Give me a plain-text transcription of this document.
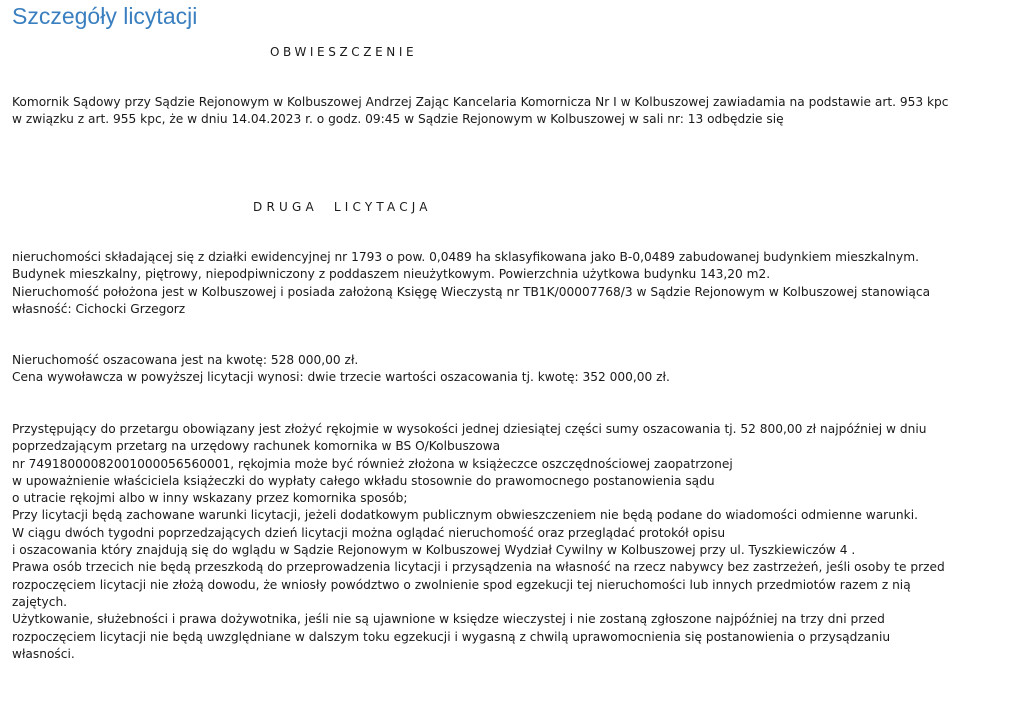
Szczegóły licytacji
OBWIESZCZENIE
Komornik Sądowy przy Sądzie Rejonowym w Kolbuszowej Andrzej Zając Kancelaria Komornicza Nr I w Kolbuszowej zawiadamia na podstawie art. 953 kpc
w związku z art. 955 kpc, że w dniu 14.04.2023 r. o godz. 09:45 w Sądzie Rejonowym w Kolbuszowej w sali nr: 13 odbędzie się
DRUGA LICYTACJA
nieruchomości składającej się z działki ewidencyjnej nr 1793 o pow. 0,0489 ha sklasyfikowana jako B-0,0489 zabudowanej budynkiem mieszkalnym.
Budynek mieszkalny, piętrowy, niepodpiwniczony z poddaszem nieużytkowym. Powierzchnia użytkowa budynku 143,20 m2.
Nieruchomość położona jest w Kolbuszowej i posiada założoną Księgę Wieczystą nr TB1K/00007768/3 w Sądzie Rejonowym w Kolbuszowej stanowiąca
własność: Cichocki Grzegorz
Nieruchomość oszacowana jest na kwotę: 528 000,00 zł.
Cena wywoławcza w powyższej licytacji wynosi: dwie trzecie wartości oszacowania tj. kwotę: 352 000,00 zł.
Przystępujący do przetargu obowiązany jest złożyć rękojmie w wysokości jednej dziesiątej części sumy oszacowania tj. 52 800,00 zł najpóźniej w dniu
poprzedzającym przetarg na urzędowy rachunek komornika w BS O/Kolbuszowa
nr 74918000082001000056560001, rękojmia może być również złożona w książeczce oszczędnościowej zaopatrzonej
w upoważnienie właściciela książeczki do wypłaty całego wkładu stosownie do prawomocnego postanowienia sądu
o utracie rękojmi albo w inny wskazany przez komornika sposób;
Przy licytacji będą zachowane warunki licytacji, jeżeli dodatkowym publicznym obwieszczeniem nie będą podane do wiadomości odmienne warunki.
W ciągu dwóch tygodni poprzedzających dzień licytacji można oglądać nieruchomość oraz przeglądać protokół opisu
i oszacowania który znajdują się do wglądu w Sądzie Rejonowym w Kolbuszowej Wydział Cywilny w Kolbuszowej przy ul. Tyszkiewiczów 4 .
Prawa osób trzecich nie będą przeszkodą do przeprowadzenia licytacji i przysądzenia na własność na rzecz nabywcy bez zastrzeżeń, jeśli osoby te przed
rozpoczęciem licytacji nie złożą dowodu, że wniosły powództwo o zwolnienie spod egzekucji tej nieruchomości lub innych przedmiotów razem z nią
zajętych.
Użytkowanie, służebności i prawa dożywotnika, jeśli nie są ujawnione w księdze wieczystej i nie zostaną zgłoszone najpóźniej na trzy dni przed
rozpoczęciem licytacji nie będą uwzględniane w dalszym toku egzekucji i wygasną z chwilą uprawomocnienia się postanowienia o przysądzaniu
własności.
